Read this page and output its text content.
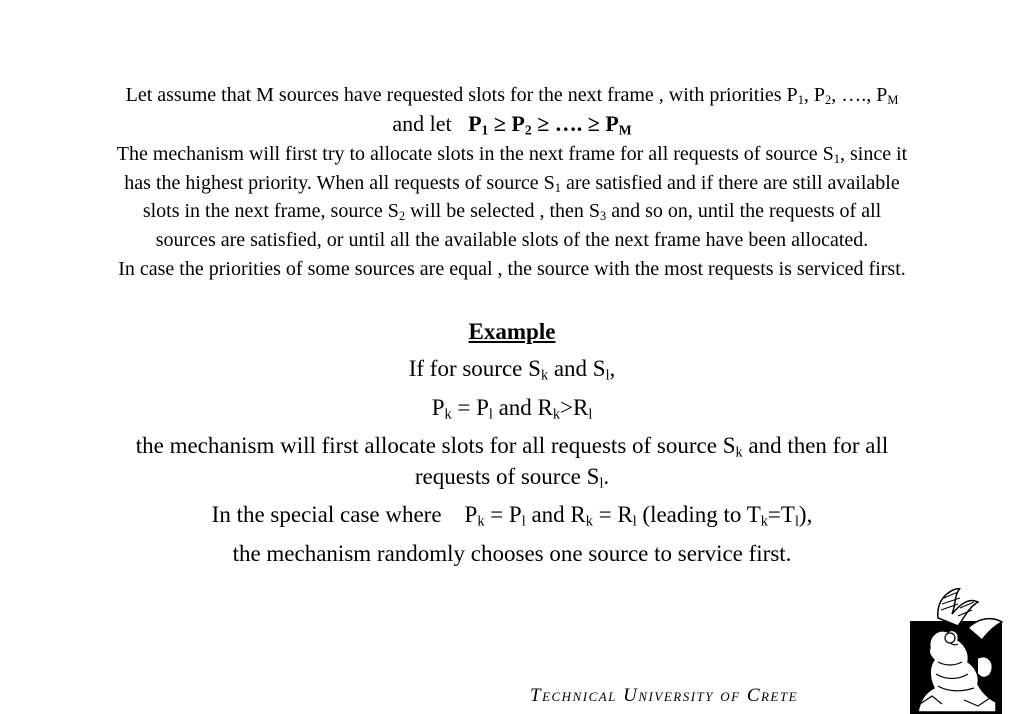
Let assume that M sources have requested slots for the next frame , with priorities $P_1$, $P_2$, …., $P_M$
and let $P_1 \ge P_2$ ≥ …. ≥ $P_M$
The mechanism will first try to allocate slots in the next frame for all requests of source $S_1$, since it
has the highest priority. When all requests of source $S_1$ are satisfied and if there are still available
slots in the next frame, source $S_2$ will be selected , then $S_3$ and so on, until the requests of all
sources are satisfied, or until all the available slots of the next frame have been allocated.
In case the priorities of some sources are equal , the source with the most requests is serviced first.
Example
If for source $S_k$ and $S_l$,
$P_k = P_l$ and $R_k>R_l$
the mechanism will first allocate slots for all requests of source $S_k$ and then for all
requests of source $S_l$.
In the special case where    $P_k = P_l$ and $R_k = R_l$ (leading to $T_k=T_l$),
the mechanism randomly chooses one source to service first.
Technical University of Crete
